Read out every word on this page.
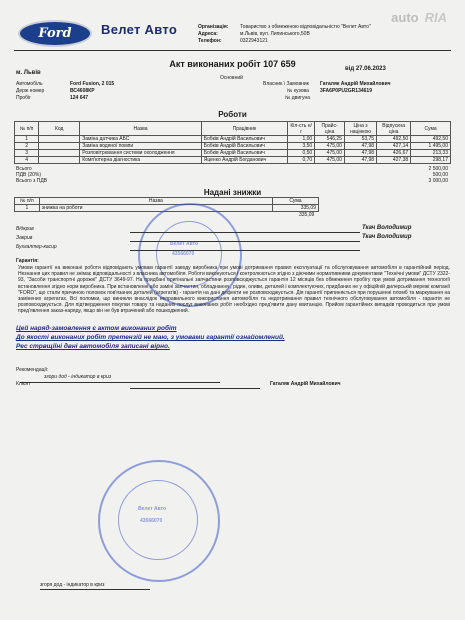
Ford Велет Авто
auto RIA
Організація: Товариство з обмеженою відповідальністю "Велет Авто"
Адреса:	м.Львів, вул. Липинського,50В
Телефон:	0322943121
Акт виконаних робіт 107 659
м. Львів
від 27.06.2023
Основний
Автомобіль	Ford Fusion, 2 015
Держ номер	ВС4608КР
Пробіг	124 647
Власник \ Замовник Гаталяк Андрій Михайлович
№ кузова 3FA6P0PU2GR134619
№ двигуна
Роботи
№ п/п	Код	Назва	Працівник	Кіл-сть н/г	Прайс-ціна	Ціна з націнкою	Відпускна ціна	Сума
1		Заміна датчика АБС	Бобків Андрій Васильович	1,00	546,25	53,75	492,50	492,50
2		Заміна водяної помпи	Бобків Андрій Васильович	3,50	475,00	47,98	427,14	1 495,00
3		Розповітрювання системи охолодження	Бобків Андрій Васильович	0,50	475,00	47,98	426,67	213,33
4		Комп'ютерна діагностика	Яценко Андрій Богданович	0,70	475,00	47,98	427,38	298,17
Всього	2 500,00
ПДВ (20%)	500,00
Всього з ПДВ	3 000,00
Надані знижки
№ п/п	Назва	Сума
1	знижка на роботи	335,09
335,09
Велет Авто
43566070
Відкрив	Ткач Володимир
Закрив	Ткач Володимир
Бухгалтер-касир
Гарантія:
Умови гарантії на виконані роботи відповідають умовам гарантії заводу виробника при умові дотримання правил експлуатації та обслуговування автомобіля в гарантійний період. Незнання цих правил не знімає відповідальності з власника автомобіля. Роботи виконуються і контролюються згідно з діючими нормативними документами "Технічні умови" ДСТУ 2322-93, "Засоби транспортні дорожні" ДСТУ 3649-97. На придбані оригінальні запчастини розповсюджується гарантія 12 місяців без обмеження пробігу при умові дотримання технології встановлення згідно норм виробника. При встановленні або заміні запчастин, обладнання , рідин, оливи, деталей і комплектуючих, придбаних не у офіційній дилерській мережі компанії "FORD", що стали причиною поломок пов'язаних деталей (агрегатів) - гарантія на дані дефекти не розповсюджується. Дія гарантії припиняється при порушенні пломб та маркування на замінених агрегатах. Всі поломки, що виникли внаслідок неправильного використання автомобіля та недотримання правил технічного обслуговування автомобіля - гарантія не розповсюджується. Для підтвердження покупки товару та наданих послуг виконаних робіт необхідно пред'явити дану квитанцію. Прийом гарантійних випадків проводиться при умові пред'явлення заказ-наряду, якщо він не був втрачений або пошкоджений.
Цей наряд-замовлення є актом виконаних робіт
До якості виконаних робіт претензій не маю, з умовами гарантії ознайомлений.
Рес стрвщіїні двні автомобіля записані вірно.
Рекомендації:
згори дод - індикатор в криз
Клієнт	Гаталяк Андрій Михайлович
Велет Авто
43566070
згоря дод - індикатор в криз
